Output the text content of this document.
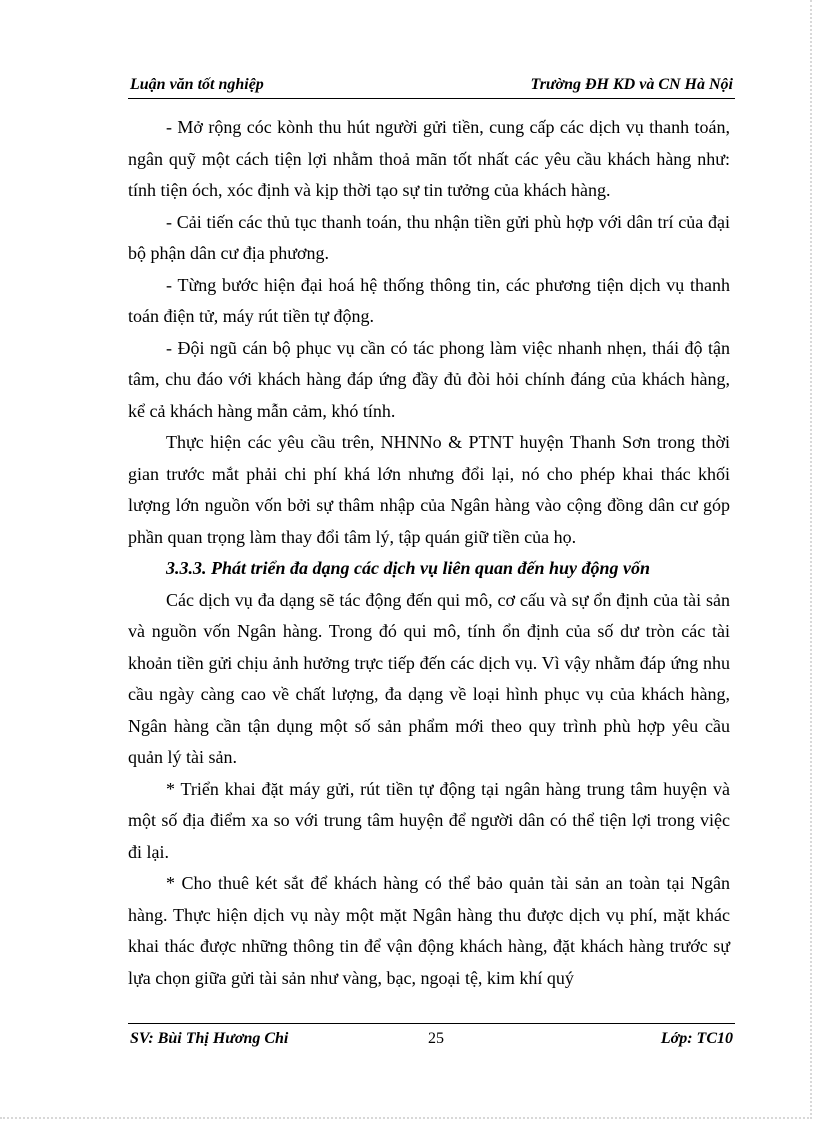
Luận văn tốt nghiệp	Trường ĐH KD và CN Hà Nội

- Mở rộng cóc kònh thu hút người gửi tiền, cung cấp các dịch vụ thanh toán, ngân quỹ một cách tiện lợi nhằm thoả mãn tốt nhất các yêu cầu khách hàng như: tính tiện óch, xóc định và kịp thời tạo sự tin tưởng của khách hàng.

- Cải tiến các thủ tục thanh toán, thu nhận tiền gửi phù hợp với dân trí của đại bộ phận dân cư địa phương.

- Từng bước hiện đại hoá hệ thống thông tin, các phương tiện dịch vụ thanh toán điện tử, máy rút tiền tự động.

- Đội ngũ cán bộ phục vụ cần có tác phong làm việc nhanh nhẹn, thái độ tận tâm, chu đáo với khách hàng đáp ứng đầy đủ đòi hỏi chính đáng của khách hàng, kể cả khách hàng mẫn cảm, khó tính.

Thực hiện các yêu cầu trên, NHNNo & PTNT huyện Thanh Sơn trong thời gian trước mắt phải chi phí khá lớn nhưng đổi lại, nó cho phép khai thác khối lượng lớn nguồn vốn bởi sự thâm nhập của Ngân hàng vào cộng đồng dân cư góp phần quan trọng làm thay đổi tâm lý, tập quán giữ tiền của họ.

3.3.3. Phát triển đa dạng các dịch vụ liên quan đến huy động vốn

Các dịch vụ đa dạng sẽ tác động đến qui mô, cơ cấu và sự ổn định của tài sản và nguồn vốn Ngân hàng. Trong đó qui mô, tính ổn định của số dư tròn các tài khoản tiền gửi chịu ảnh hưởng trực tiếp đến các dịch vụ. Vì vậy nhằm đáp ứng nhu cầu ngày càng cao về chất lượng, đa dạng về loại hình phục vụ của khách hàng, Ngân hàng cần tận dụng một số sản phẩm mới theo quy trình phù hợp yêu cầu quản lý tài sản.

* Triển khai đặt máy gửi, rút tiền tự động tại ngân hàng trung tâm huyện và một số địa điểm xa so với trung tâm huyện để người dân có thể tiện lợi trong việc đi lại.

* Cho thuê két sắt để khách hàng có thể bảo quản tài sản an toàn tại Ngân hàng. Thực hiện dịch vụ này một mặt Ngân hàng thu được dịch vụ phí, mặt khác khai thác được những thông tin để vận động khách hàng, đặt khách hàng trước sự lựa chọn giữa gửi tài sản như vàng, bạc, ngoại tệ, kim khí quý

SV: Bùi Thị Hương Chi	25	Lớp: TC10
